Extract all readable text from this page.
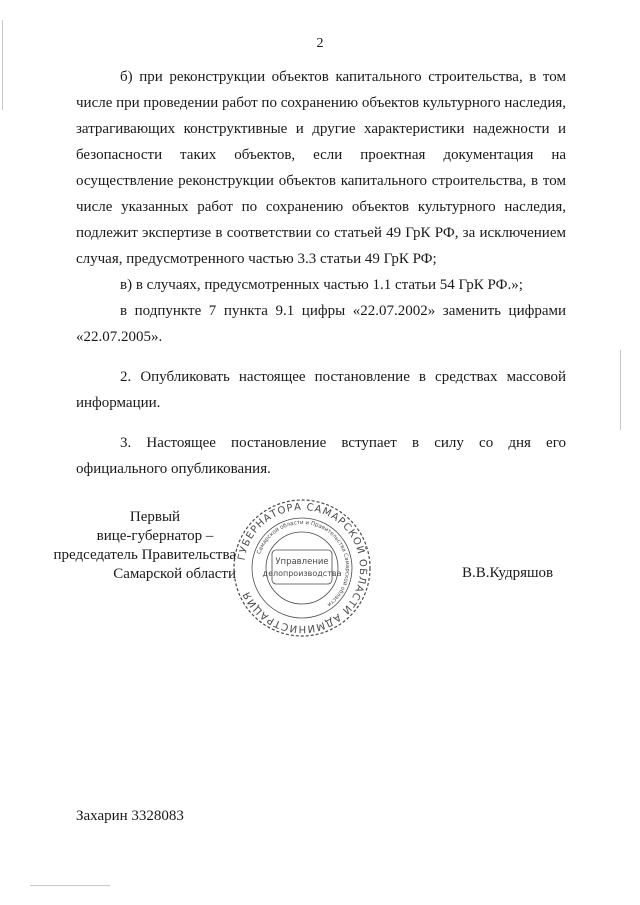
2

б) при реконструкции объектов капитального строительства, в том числе при проведении работ по сохранению объектов культурного наследия, затрагивающих конструктивные и другие характеристики надежности и безопасности таких объектов, если проектная документация на осуществление реконструкции объектов капитального строительства, в том числе указанных работ по сохранению объектов культурного наследия, подлежит экспертизе в соответствии со статьей 49 ГрК РФ, за исключением случая, предусмотренного частью 3.3 статьи 49 ГрК РФ;

в) в случаях, предусмотренных частью 1.1 статьи 54 ГрК РФ.»;

в подпункте 7 пункта 9.1 цифры «22.07.2002» заменить цифрами «22.07.2005».

2. Опубликовать настоящее постановление в средствах массовой информации.

3. Настоящее постановление вступает в силу со дня его официального опубликования.

Первый
вице-губернатор –
председатель Правительства
Самарской области
ГУБЕРНАТОРА САМАРСКОЙ ОБЛАСТИ АДМИНИСТРАЦИЯ
Самарской области и Правительства Самарской области
Управление
делопроизводства	В.В.Кудряшов
Захарин 3328083
